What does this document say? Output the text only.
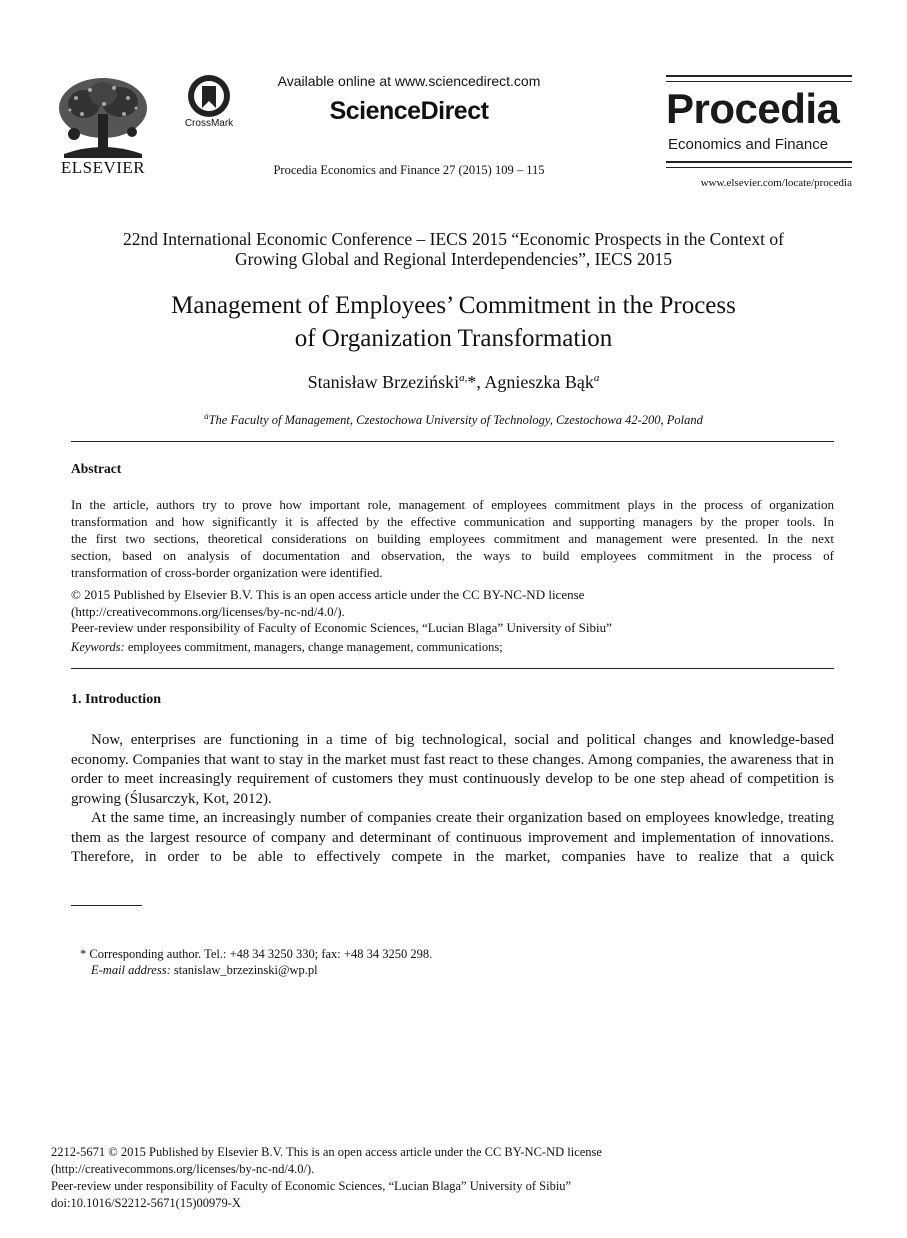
ELSEVIER
CrossMark
Available online at www.sciencedirect.com
ScienceDirect
Procedia Economics and Finance 27 (2015) 109 – 115
Procedia
Economics and Finance
www.elsevier.com/locate/procedia
22nd International Economic Conference – IECS 2015 “Economic Prospects in the Context of
Growing Global and Regional Interdependencies”, IECS 2015
Management of Employees’ Commitment in the Process
of Organization Transformation
Stanisław Brzeziński$^{a,}$*, Agnieszka Bąk$^a$
$^a$The Faculty of Management, Czestochowa University of Technology, Czestochowa 42-200, Poland
Abstract
In the article, authors try to prove how important role, management of employees commitment plays in the process of organization
transformation and how significantly it is affected by the effective communication and supporting managers by the proper tools. In
the first two sections, theoretical considerations on building employees commitment and management were presented. In the next
section, based on analysis of documentation and observation, the ways to build employees commitment in the process of
transformation of cross-border organization were identified.
© 2015 Published by Elsevier B.V. This is an open access article under the CC BY-NC-ND license
(http://creativecommons.org/licenses/by-nc-nd/4.0/).
Peer-review under responsibility of Faculty of Economic Sciences, “Lucian Blaga” University of Sibiu”
Keywords: employees commitment, managers, change management, communications;
1. Introduction

Now, enterprises are functioning in a time of big technological, social and political changes and knowledge-based economy. Companies that want to stay in the market must fast react to these changes. Among companies, the awareness that in order to meet increasingly requirement of customers they must continuously develop to be one step ahead of competition is growing (Ślusarczyk, Kot, 2012).

At the same time, an increasingly number of companies create their organization based on employees knowledge, treating them as the largest resource of company and determinant of continuous improvement and implementation of innovations. Therefore, in order to be able to effectively compete in the market, companies have to realize that a quick

* Corresponding author. Tel.: +48 34 3250 330; fax: +48 34 3250 298.
E-mail address: stanislaw_brzezinski@wp.pl
2212-5671 © 2015 Published by Elsevier B.V. This is an open access article under the CC BY-NC-ND license
(http://creativecommons.org/licenses/by-nc-nd/4.0/).
Peer-review under responsibility of Faculty of Economic Sciences, “Lucian Blaga” University of Sibiu”
doi:10.1016/S2212-5671(15)00979-X
